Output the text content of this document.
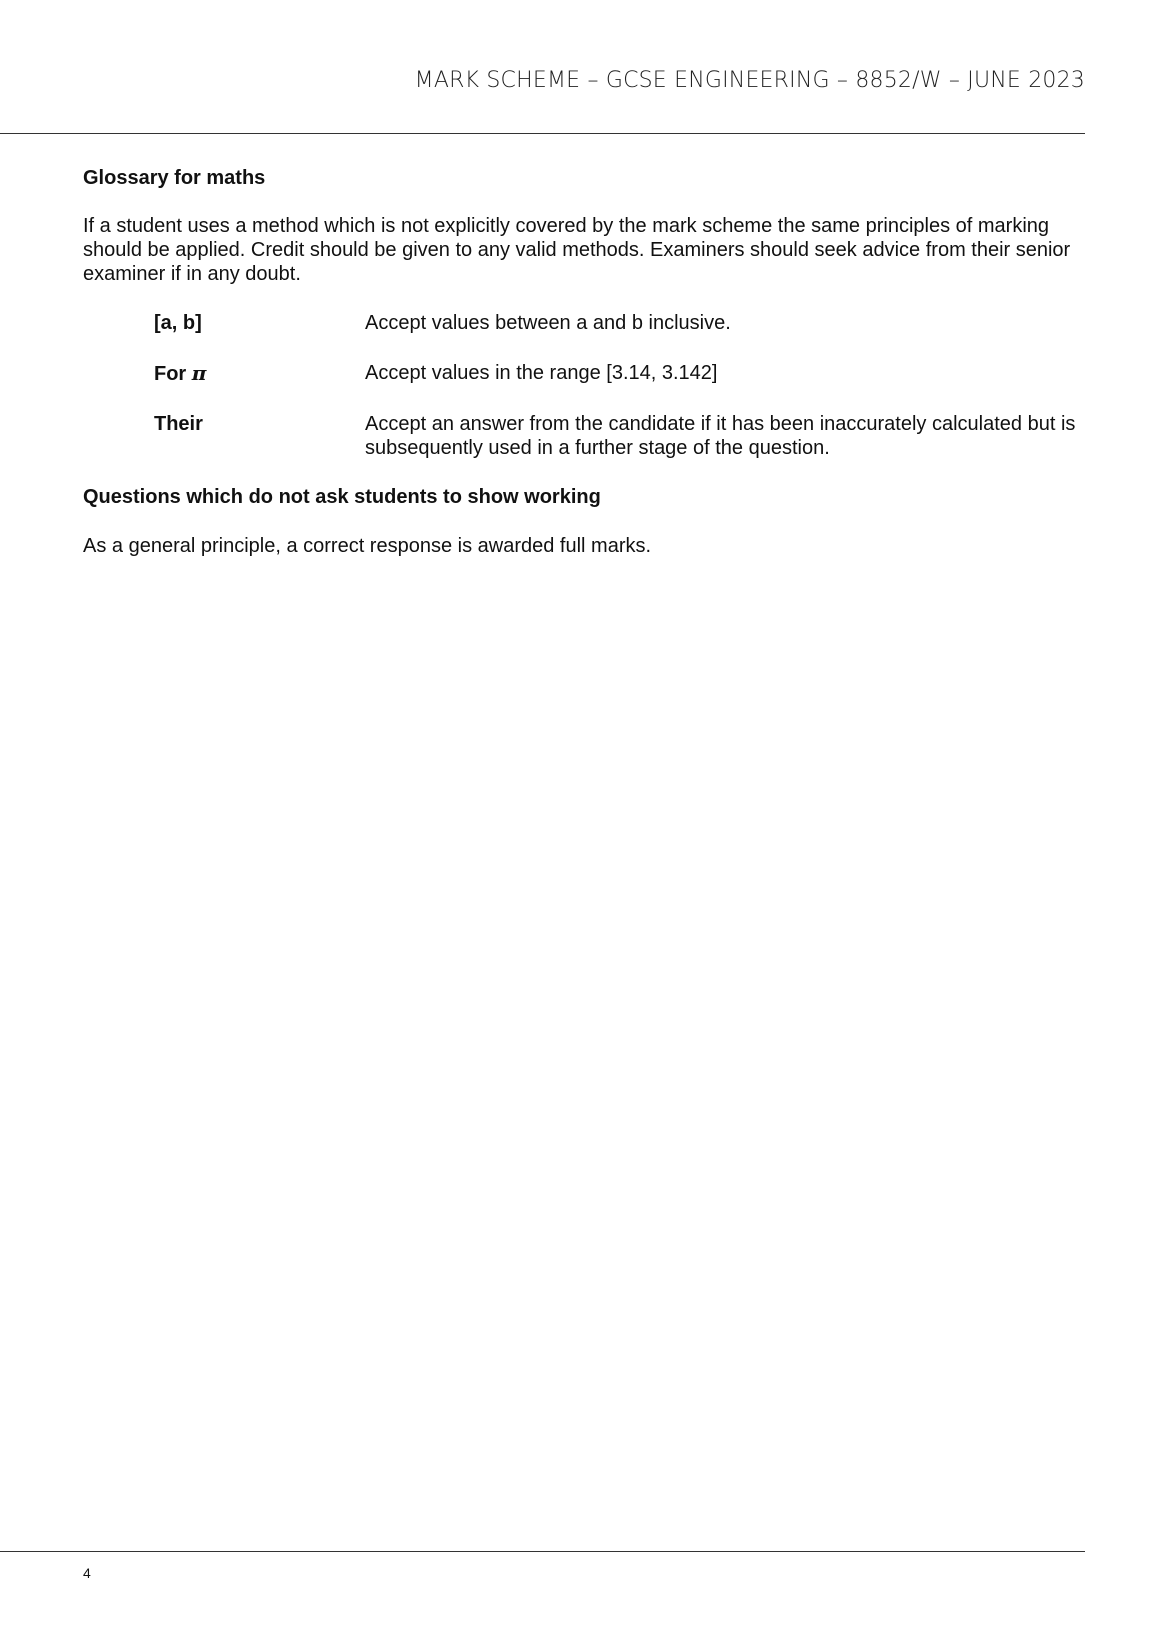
MARK SCHEME – GCSE ENGINEERING – 8852/W – JUNE 2023

Glossary for maths

If a student uses a method which is not explicitly covered by the mark scheme the same principles of marking should be applied. Credit should be given to any valid methods. Examiners should seek advice from their senior examiner if in any doubt.

[a, b]	Accept values between a and b inclusive.
For π	Accept values in the range [3.14, 3.142]
Their	Accept an answer from the candidate if it has been inaccurately calculated but is subsequently used in a further stage of the question.

Questions which do not ask students to show working

As a general principle, a correct response is awarded full marks.

4
